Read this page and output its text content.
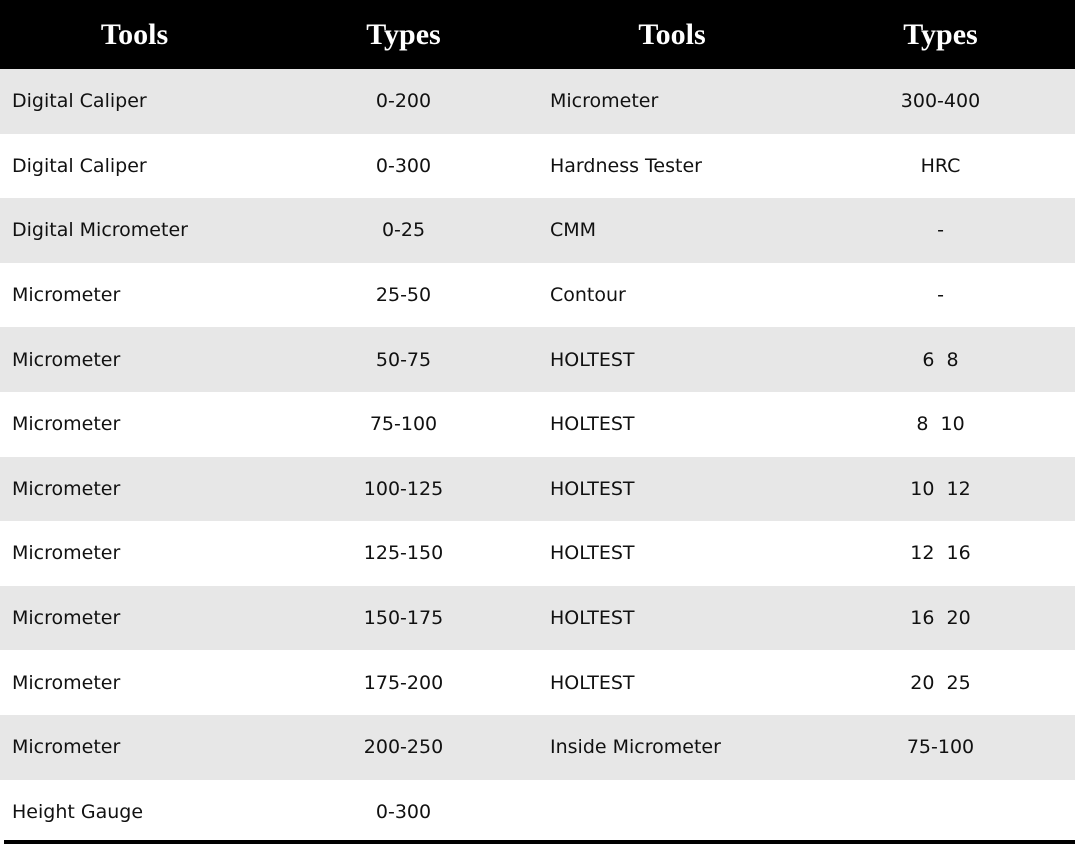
Tools	Types	Tools	Types
Digital Caliper	0-200	Micrometer	300-400
Digital Caliper	0-300	Hardness Tester	HRC
Digital Micrometer	0-25	CMM	-
Micrometer	25-50	Contour	-
Micrometer	50-75	HOLTEST	6  8
Micrometer	75-100	HOLTEST	8  10
Micrometer	100-125	HOLTEST	10  12
Micrometer	125-150	HOLTEST	12  16
Micrometer	150-175	HOLTEST	16  20
Micrometer	175-200	HOLTEST	20  25
Micrometer	200-250	Inside Micrometer	75-100
Height Gauge	0-300		
